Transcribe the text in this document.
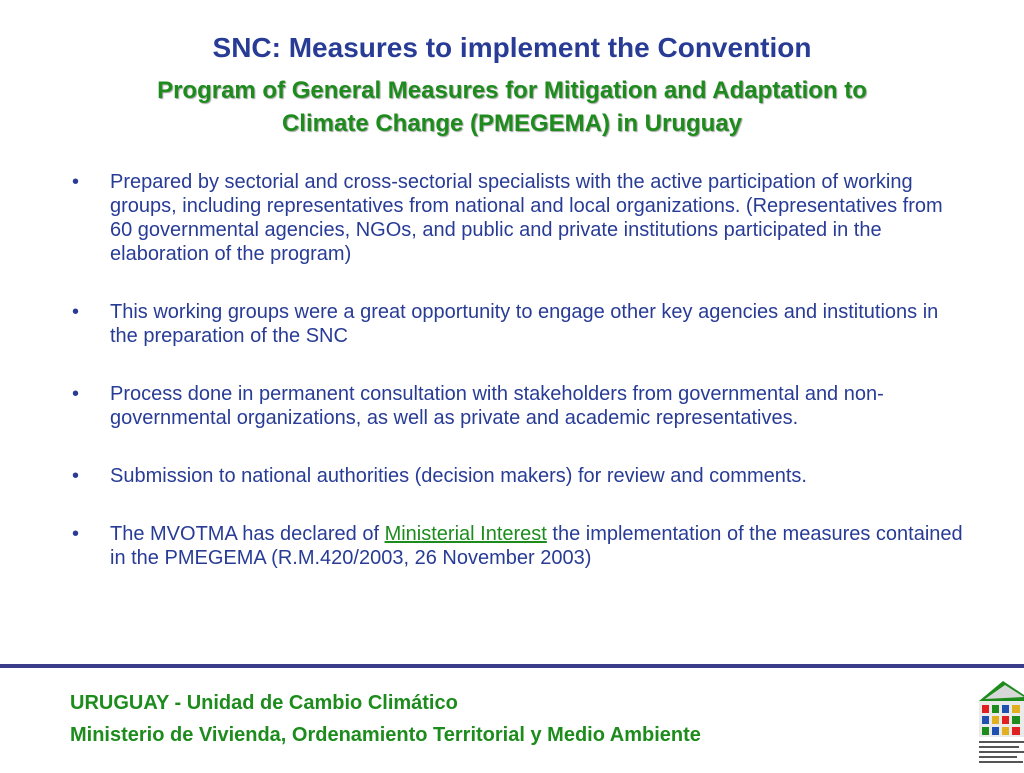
SNC: Measures to implement the Convention
Program of General Measures for Mitigation and Adaptation to
Climate Change (PMEGEMA) in Uruguay
• Prepared by sectorial and cross-sectorial specialists with the active participation of working groups, including representatives from national and local organizations. (Representatives from 60 governmental agencies, NGOs, and public and private institutions participated in the elaboration of the program)
• This working groups were a great opportunity to engage other key agencies and institutions in the preparation of the SNC
• Process done in permanent consultation with stakeholders from governmental and non-governmental organizations, as well as private and academic representatives.
• Submission to national authorities (decision makers) for review and comments.
• The MVOTMA has declared of Ministerial Interest the implementation of the measures contained in the PMEGEMA (R.M.420/2003, 26 November 2003)
URUGUAY - Unidad de Cambio Climático
Ministerio de Vivienda, Ordenamiento Territorial y Medio Ambiente
